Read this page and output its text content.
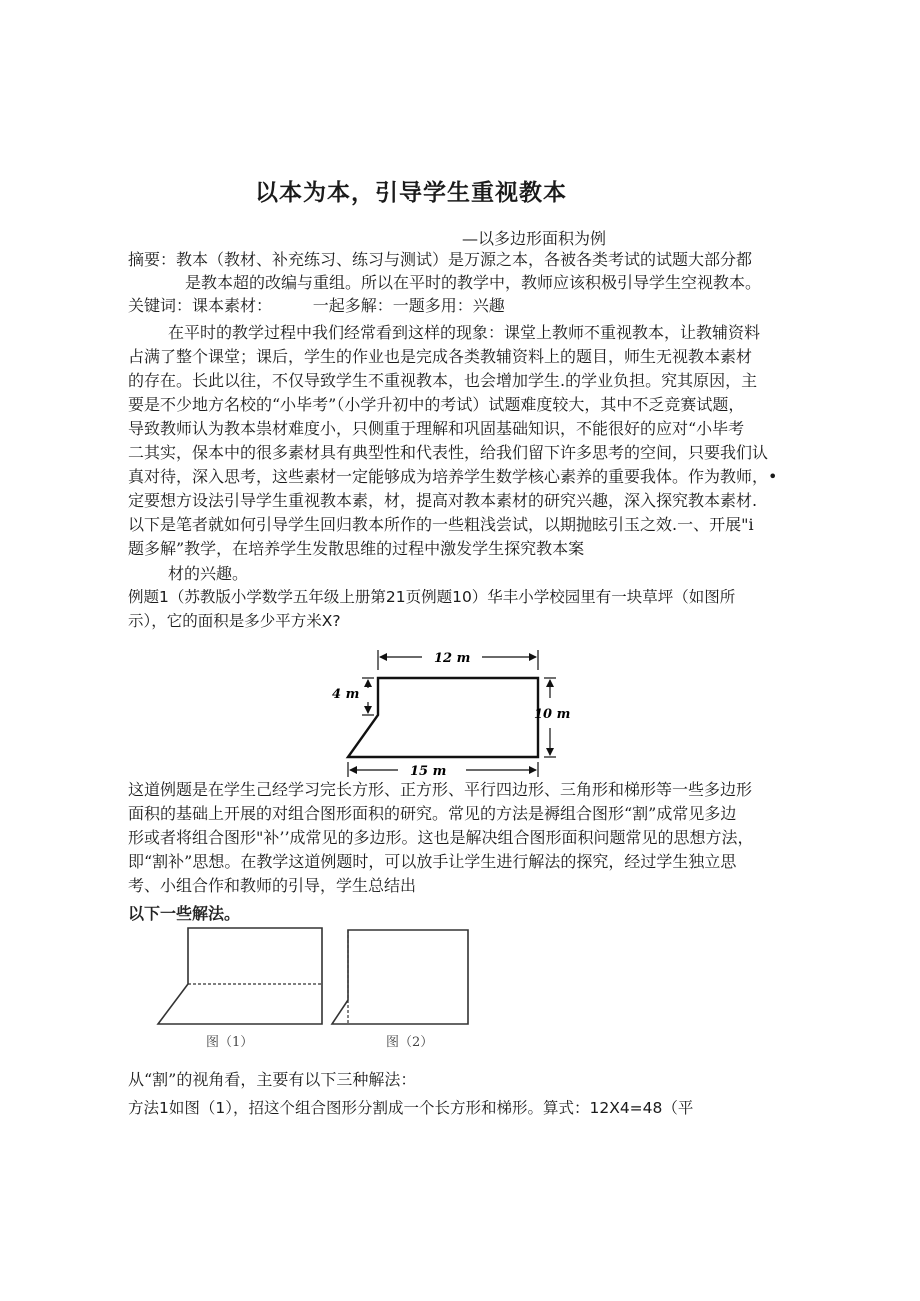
以本为本，引导学生重视教本
—以多边形面积为例
摘要：教本（教材、补充练习、练习与测试）是万源之本，各被各类考试的试题大部分都
是教本超的改编与重组。所以在平时的教学中，教师应该积极引导学生空视教本。
关键词：课本素材：        一起多解：一题多用：兴趣
在平时的教学过程中我们经常看到这样的现象：课堂上教师不重视教本，让教辅资料
占满了整个课堂；课后，学生的作业也是完成各类教辅资料上的题目，师生无视教本素材
的存在。长此以往，不仅导致学生不重视教本，也会增加学生.的学业负担。究其原因，主
要是不少地方名校的“小毕考”（小学升初中的考试）试题难度较大，其中不乏竞赛试题，
导致教师认为教本祟材难度小，只侧重于理解和巩固基础知识，不能很好的应对“小毕考
二其实，保本中的很多素材具有典型性和代表性，给我们留下许多思考的空间，只要我们认
真对待，深入思考，这些素材一定能够成为培养学生数学核心素养的重要我体。作为教师，•
定要想方设法引导学生重视教本素，材，提高对教本素材的研究兴趣，深入探究教本素材.
以下是笔者就如何引导学生回归教本所作的一些粗浅尝试，以期抛眩引玉之效.一、开展"i
题多解”教学，在培养学生发散思维的过程中激发学生探究教本案
材的兴趣。
例题1（苏教版小学数学五年级上册第21页例题10）华丰小学校园里有一块草坪（如图所
示），它的面积是多少平方米X?
12 m
4 m
10 m
15 m
这道例题是在学生己经学习完长方形、正方形、平行四边形、三角形和梯形等一些多边形
面积的基础上开展的对组合图形面积的研究。常见的方法是褥组合图形“割”成常见多边
形或者将组合图形"补’’成常见的多边形。这也是解决组合图形面积问题常见的思想方法，
即“割补”思想。在教学这道例题时，可以放手让学生进行解法的探究，经过学生独立思
考、小组合作和教师的引导，学生总结出
以下一些解法。
图（1）	图（2）
从“割”的视角看，主要有以下三种解法：
方法1如图（1），招这个组合图形分割成一个长方形和梯形。算式：12X4=48（平
